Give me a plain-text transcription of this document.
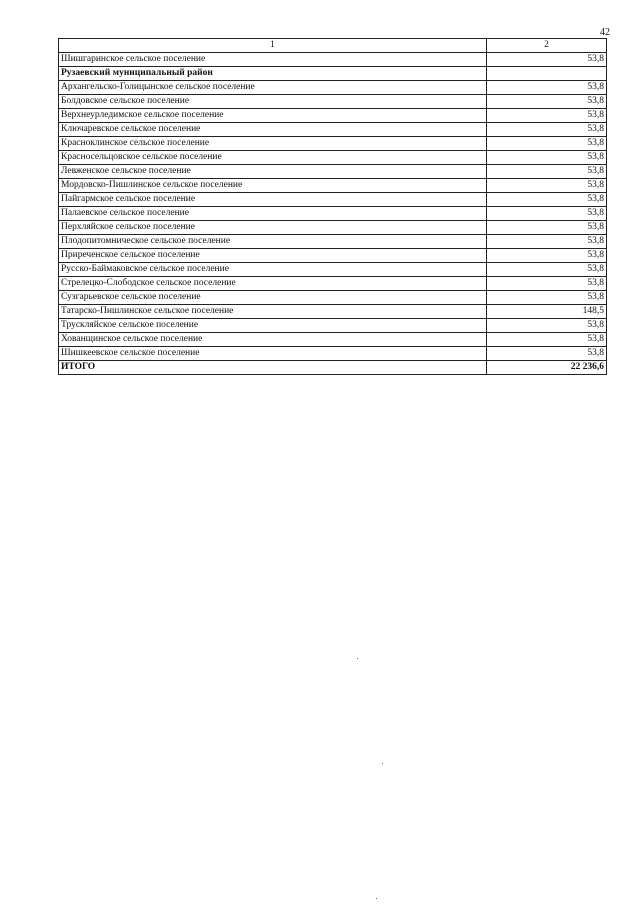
42
1	2
Шишгаринское сельское поселение	53,8
Рузаевский муниципальный район	
Архангельско-Голицынское сельское поселение	53,8
Болдовское сельское поселение	53,8
Верхнеурледимское сельское поселение	53,8
Ключаревское сельское поселение	53,8
Красноклинское сельское поселение	53,8
Красносельцовское сельское поселение	53,8
Левженское сельское поселение	53,8
Мордовско-Пишлинское сельское поселение	53,8
Пайгармское сельское поселение	53,8
Палаевское сельское поселение	53,8
Перхляйское сельское поселение	53,8
Плодопитомническое сельское поселение	53,8
Приреченское сельское поселение	53,8
Русско-Баймаковское сельское поселение	53,8
Стрелецко-Слободское сельское поселение	53,8
Сузгарьевское сельское поселение	53,8
Татарско-Пишлинское сельское поселение	148,5
Трускляйское сельское поселение	53,8
Хованщинское сельское поселение	53,8
Шишкеевское сельское поселение	53,8
ИТОГО	22 236,6
